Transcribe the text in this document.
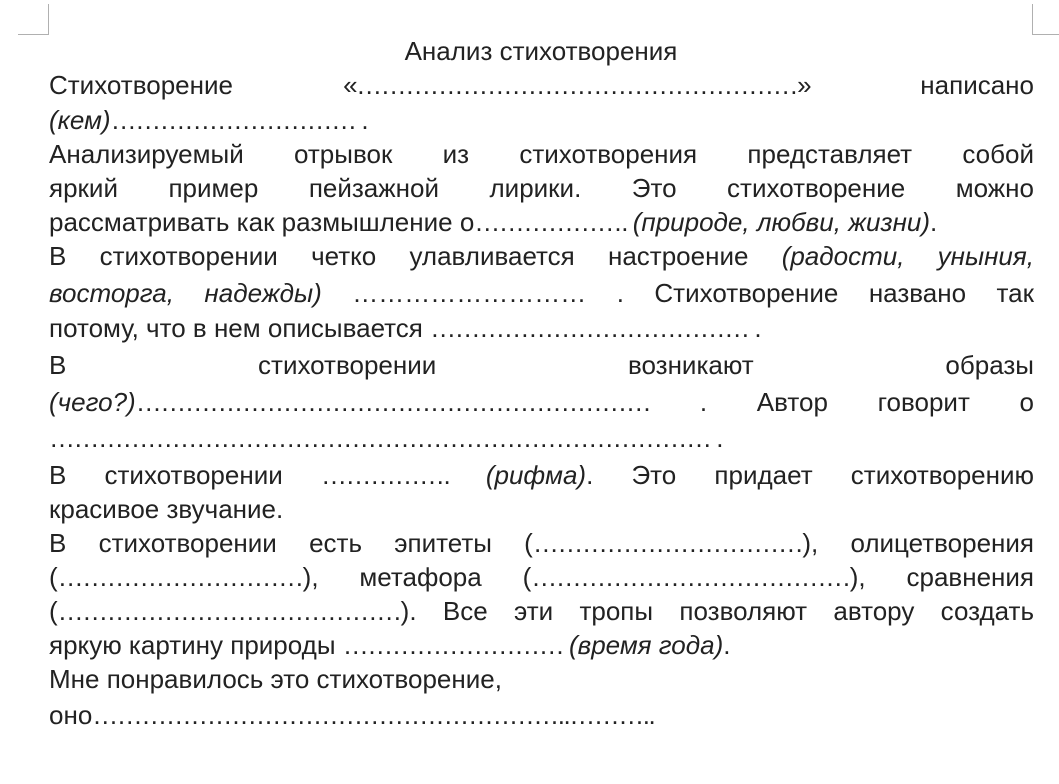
Анализ стихотворения
Стихотворение	«………………………………………………»	написано
(кем)………………………… .
Анализируемый отрывок из стихотворения представляет собой
яркий пример пейзажной лирики. Это стихотворение можно
рассматривать как размышление о………………. (природе, любви, жизни).
В стихотворении четко улавливается настроение (радости, уныния,
восторга, надежды) ……………………… . Стихотворение названо так
потому, что в нем описывается ………………………………… .
В	стихотворении	возникают	образы
(чего?)……………………………………………………… . Автор говорит о
……………………………………………………………………… .
В стихотворении ……………. (рифма). Это придает стихотворению
красивое звучание.
В стихотворении есть эпитеты (……………………………), олицетворения
(…………………………), метафора (…………………………………), сравнения
(……………………………………). Все эти тропы позволяют автору создать
яркую картину природы ……………………… (время года).
Мне понравилось это стихотворение,
оно…………………………………………………..………..
